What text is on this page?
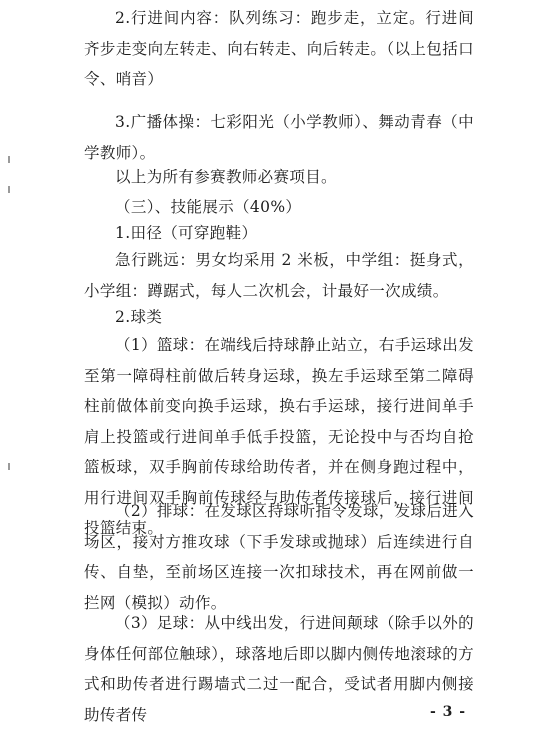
2.行进间内容：队列练习：跑步走，立定。行进间齐步走变向左转走、向右转走、向后转走。（以上包括口令、哨音）

3.广播体操：七彩阳光（小学教师）、舞动青春（中学教师）。

以上为所有参赛教师必赛项目。

（三）、技能展示（40%）

1.田径（可穿跑鞋）

急行跳远：男女均采用 2 米板，中学组：挺身式，小学组：蹲踞式，每人二次机会，计最好一次成绩。

2.球类

（1）篮球：在端线后持球静止站立，右手运球出发至第一障碍柱前做后转身运球，换左手运球至第二障碍柱前做体前变向换手运球，换右手运球，接行进间单手肩上投篮或行进间单手低手投篮，无论投中与否均自抢篮板球，双手胸前传球给助传者，并在侧身跑过程中，用行进间双手胸前传球经与助传者传接球后，接行进间投篮结束。

（2）排球：在发球区持球听指令发球，发球后进入场区，接对方推攻球（下手发球或抛球）后连续进行自传、自垫，至前场区连接一次扣球技术，再在网前做一拦网（模拟）动作。

（3）足球：从中线出发，行进间颠球（除手以外的身体任何部位触球），球落地后即以脚内侧传地滚球的方式和助传者进行踢墙式二过一配合，受试者用脚内侧接助传者传	- 3 -
